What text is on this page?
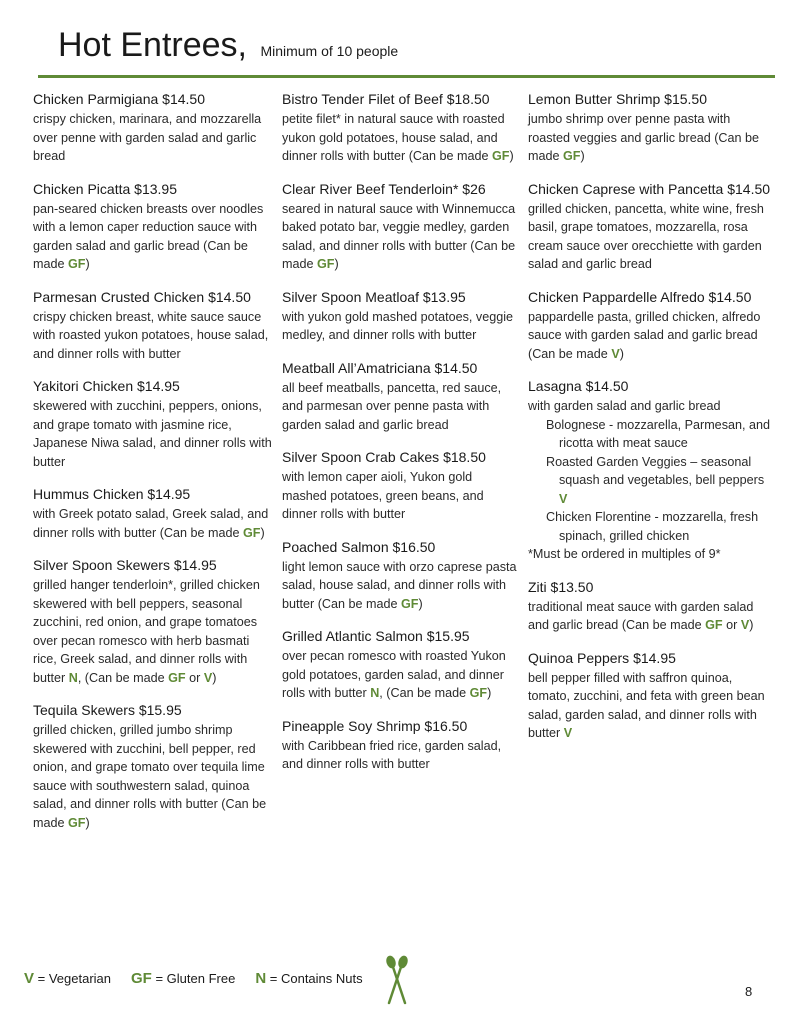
Hot Entrees, Minimum of 10 people
Chicken Parmigiana $14.50
crispy chicken, marinara, and mozzarella over penne with garden salad and garlic bread
Chicken Picatta $13.95
pan-seared chicken breasts over noodles with a lemon caper reduction sauce with garden salad and garlic bread (Can be made GF)
Parmesan Crusted Chicken $14.50
crispy chicken breast, white sauce sauce with roasted yukon potatoes, house salad, and dinner rolls with butter
Yakitori Chicken $14.95
skewered with zucchini, peppers, onions, and grape tomato with jasmine rice, Japanese Niwa salad, and dinner rolls with butter
Hummus Chicken $14.95
with Greek potato salad, Greek salad, and dinner rolls with butter (Can be made GF)
Silver Spoon Skewers $14.95
grilled hanger tenderloin*, grilled chicken skewered with bell peppers, seasonal zucchini, red onion, and grape tomatoes over pecan romesco with herb basmati rice, Greek salad, and dinner rolls with butter N, (Can be made GF or V)
Tequila Skewers $15.95
grilled chicken, grilled jumbo shrimp skewered with zucchini, bell pepper, red onion, and grape tomato over tequila lime sauce with southwestern salad, quinoa salad, and dinner rolls with butter (Can be made GF)
Bistro Tender Filet of Beef $18.50
petite filet* in natural sauce with roasted yukon gold potatoes, house salad, and dinner rolls with butter (Can be made GF)
Clear River Beef Tenderloin* $26
seared in natural sauce with Winnemucca baked potato bar, veggie medley, garden salad, and dinner rolls with butter (Can be made GF)
Silver Spoon Meatloaf $13.95
with yukon gold mashed potatoes, veggie medley, and dinner rolls with butter
Meatball All’Amatriciana $14.50
all beef meatballs, pancetta, red sauce, and parmesan over penne pasta with garden salad and garlic bread
Silver Spoon Crab Cakes $18.50
with lemon caper aioli, Yukon gold mashed potatoes, green beans, and dinner rolls with butter
Poached Salmon $16.50
light lemon sauce with orzo caprese pasta salad, house salad, and dinner rolls with butter (Can be made GF)
Grilled Atlantic Salmon $15.95
over pecan romesco with roasted Yukon gold potatoes, garden salad, and dinner rolls with butter N, (Can be made GF)
Pineapple Soy Shrimp $16.50
with Caribbean fried rice, garden salad, and dinner rolls with butter
Lemon Butter Shrimp $15.50
jumbo shrimp over penne pasta with roasted veggies and garlic bread (Can be made GF)
Chicken Caprese with Pancetta $14.50
grilled chicken, pancetta, white wine, fresh basil, grape tomatoes, mozzarella, rosa cream sauce over orecchiette with garden salad and garlic bread
Chicken Pappardelle Alfredo $14.50
pappardelle pasta, grilled chicken, alfredo sauce with garden salad and garlic bread (Can be made V)
Lasagna $14.50
with garden salad and garlic bread
Bolognese - mozzarella, Parmesan, and ricotta with meat sauce
Roasted Garden Veggies – seasonal squash and vegetables, bell peppers V
Chicken Florentine - mozzarella, fresh spinach, grilled chicken
*Must be ordered in multiples of 9*
Ziti $13.50
traditional meat sauce with garden salad and garlic bread (Can be made GF or V)
Quinoa Peppers $14.95
bell pepper filled with saffron quinoa, tomato, zucchini, and feta with green bean salad, garden salad, and dinner rolls with butter V
V = Vegetarian GF = Gluten Free N = Contains Nuts
8
